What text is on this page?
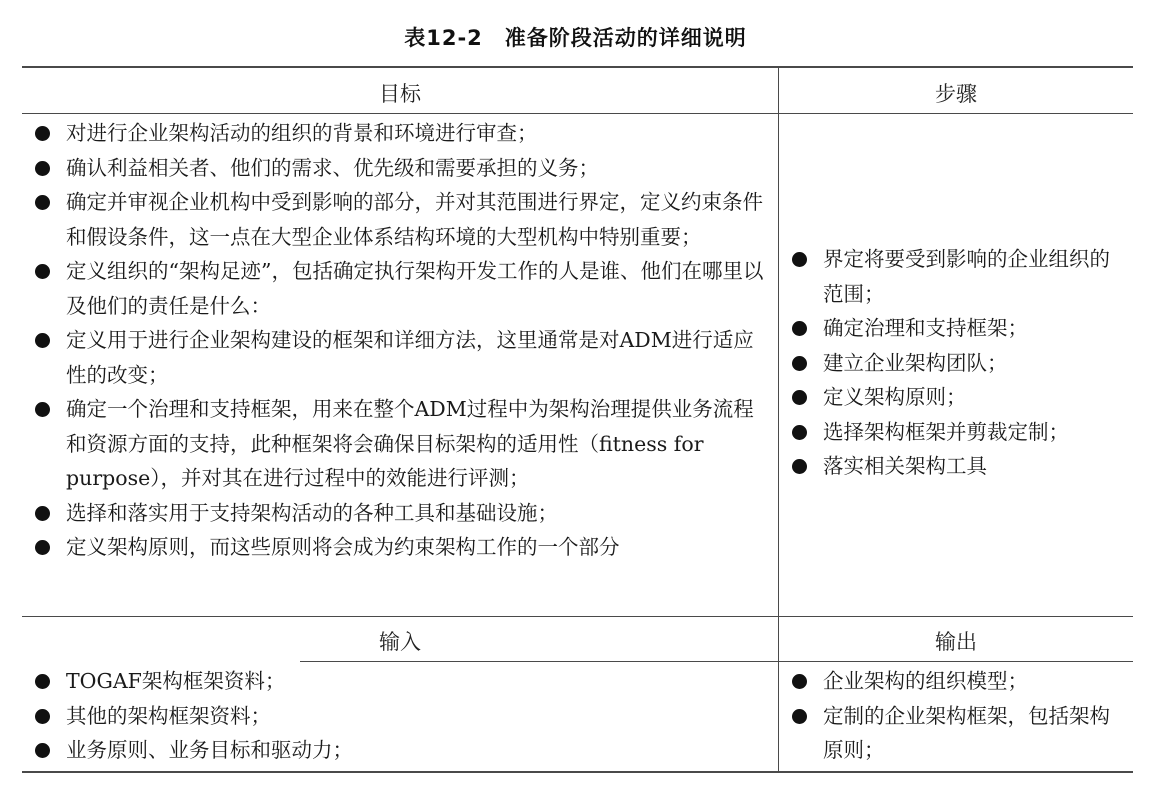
表12-2　准备阶段活动的详细说明
目标	步骤
输入	输出
对进行企业架构活动的组织的背景和环境进行审查；
确认利益相关者、他们的需求、优先级和需要承担的义务；
确定并审视企业机构中受到影响的部分，并对其范围进行界定，定义约束条件和假设条件，这一点在大型企业体系结构环境的大型机构中特别重要；
定义组织的“架构足迹”，包括确定执行架构开发工作的人是谁、他们在哪里以及他们的责任是什么：
定义用于进行企业架构建设的框架和详细方法，这里通常是对ADM进行适应性的改变；
确定一个治理和支持框架，用来在整个ADM过程中为架构治理提供业务流程和资源方面的支持，此种框架将会确保目标架构的适用性（fitness for purpose），并对其在进行过程中的效能进行评测；
选择和落实用于支持架构活动的各种工具和基础设施；
定义架构原则，而这些原则将会成为约束架构工作的一个部分
界定将要受到影响的企业组织的范围；
确定治理和支持框架；
建立企业架构团队；
定义架构原则；
选择架构框架并剪裁定制；
落实相关架构工具
TOGAF架构框架资料；
其他的架构框架资料；
业务原则、业务目标和驱动力；
企业架构的组织模型；
定制的企业架构框架，包括架构原则；
